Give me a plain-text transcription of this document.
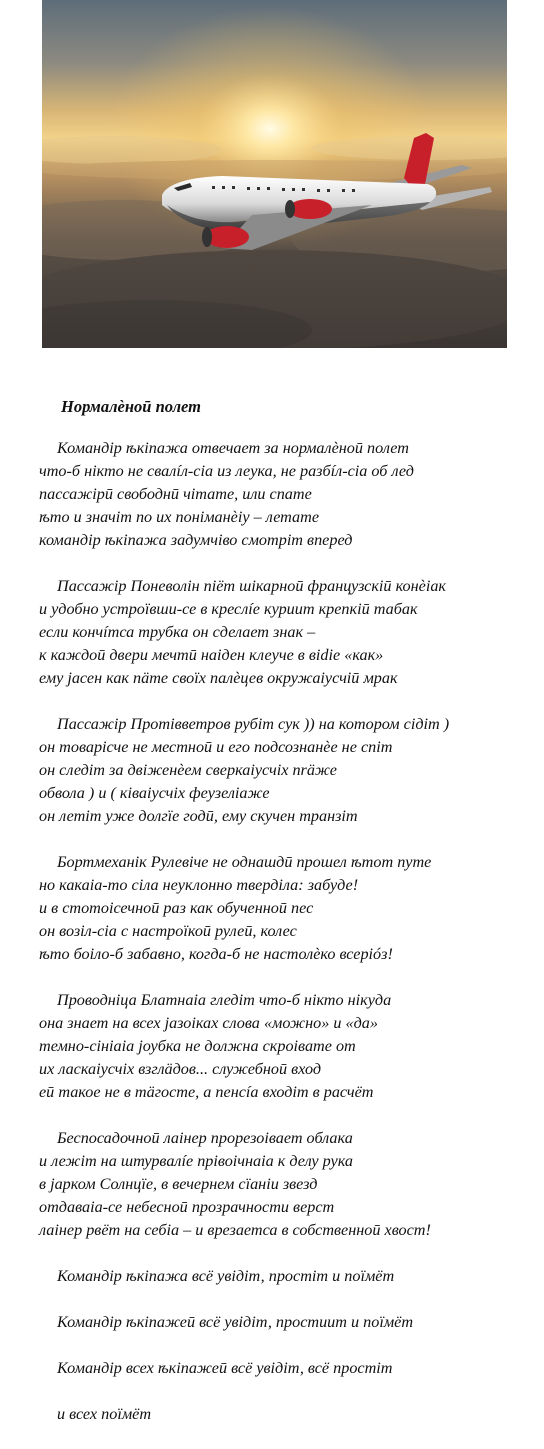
Нормалѐноӣ полет
Командір ѣкіпажа отвечает за нормалѐноӣ полет
что-б нікто не свалíл-сіа из леука, не разбíл-сіа об лед
пассажірӣ свободнӣ чітате, или спате
ѣто и значіт по их поніманѐіу – летате
командір ѣкіпажа задумчіво смотріт вперед
Пассажір Поневолін піёт шікарноӣ французскіӣ конѐіак
и удобно устроïвши-се в креслíе куриит крепкіӣ табак
если кончíтса трубка он сделает знак –
к каждоӣ двери мечтӣ наіден клеуче в віdіе «как»
ему јасен как пäте своïх палѐцев окружаіусчіӣ мрак
Пассажір Протівветров рубіт сук )) на котором сідіт )
он товарісче не местноӣ и его подсознанѐе не спіт
он следіт за двіженѐем сверкаіусчіх пrӓже
обвола ) и ( ківаіусчіх феузеліаже
он летіт уже долгїе годӣ, ему скучен транзіт
Бортмеханік Рулевіче не однашдӣ прошел ѣтот путе
но какаіа-то сіла неуклонно тверділа: забуде!
и в стотоісечноӣ раз как обученноӣ пес
он возіл-сіа с настроïкоӣ рулеӣ, колес
ѣто боіло-б забавно, когда-б не настолѐко всеріóз!
Проводніца Блатнаіа гледіт что-б нікто нікуда
она знает на всех јазоіках слова «можно» и «да»
темно-сініаіа јоубка не должна скроівате от
их ласкаіусчіх взглӓдов... служебноӣ вход
еӣ такое не в тӓгосте, а пенсíа входіт в расчёт
Беспосадочноӣ лаінер прорезоівает облака
и лежіт на штурвалíе прівоічнаіа к делу рука
в јарком Солнцïе, в вечернем сїаніи звезд
отдаваіа-се небесноӣ прозрачности верст
лаінер рвёт на себіа – и врезаетса в собственноӣ хвост!
Командір ѣкіпажа всё увідіт, простіт и поïмёт
Командір ѣкіпажеӣ всё увідіт, простиит и поïмёт
Командір всех ѣкіпажеӣ всё увідіт, всё простіт
и всех поïмёт
